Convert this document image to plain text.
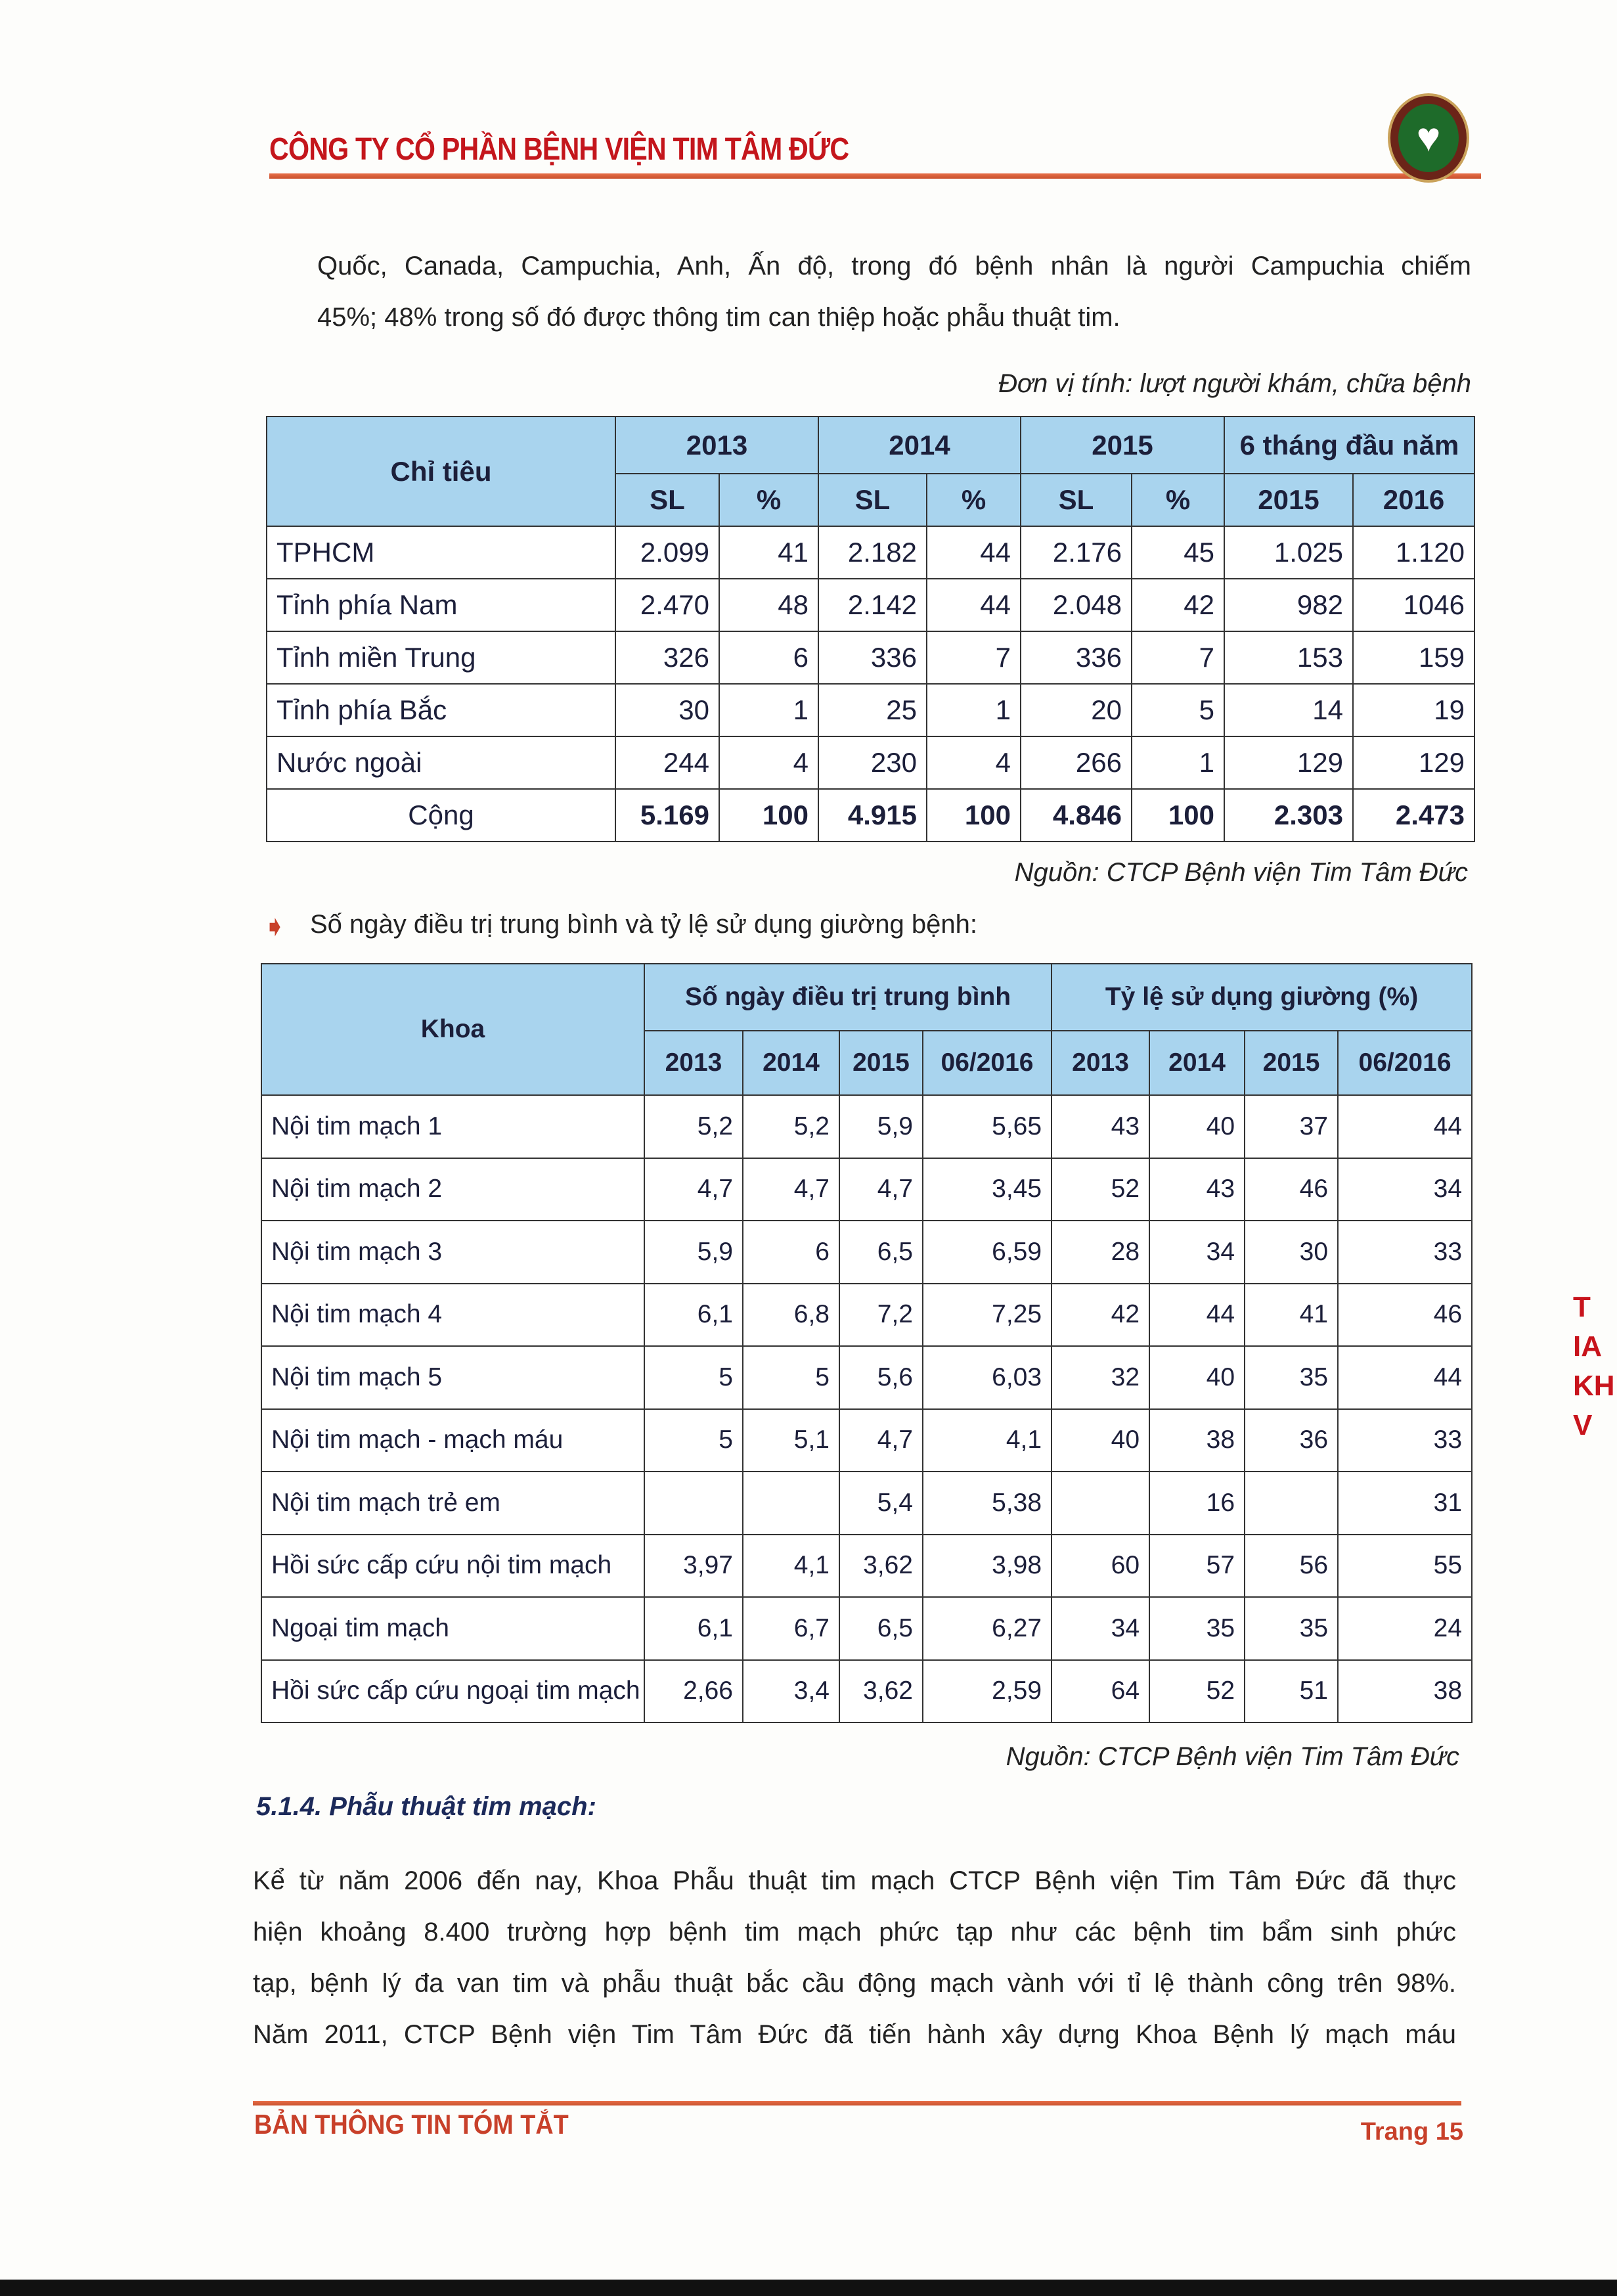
CÔNG TY CỔ PHẦN BỆNH VIỆN TIM TÂM ĐỨC	♥
Quốc, Canada, Campuchia, Anh, Ấn độ, trong đó bệnh nhân là người Campuchia chiếm
45%; 48% trong số đó được thông tim can thiệp hoặc phẫu thuật tim.
Đơn vị tính: lượt người khám, chữa bệnh
Chỉ tiêu	2013		2014		2015		6 tháng đầu năm	
	SL	%	SL	%	SL	%	2015	2016
TPHCM	2.099	41	2.182	44	2.176	45	1.025	1.120
Tỉnh phía Nam	2.470	48	2.142	44	2.048	42	982	1046
Tỉnh miền Trung	326	6	336	7	336	7	153	159
Tỉnh phía Bắc	30	1	25	1	20	5	14	19
Nước ngoài	244	4	230	4	266	1	129	129
Cộng	5.169	100	4.915	100	4.846	100	2.303	2.473
Nguồn: CTCP Bệnh viện Tim Tâm Đức
➧ Số ngày điều trị trung bình và tỷ lệ sử dụng giường bệnh:
Khoa	Số ngày điều trị trung bình				Tỷ lệ sử dụng giường (%)			
	2013	2014	2015	06/2016	2013	2014	2015	06/2016
Nội tim mạch 1	5,2	5,2	5,9	5,65	43	40	37	44
Nội tim mạch 2	4,7	4,7	4,7	3,45	52	43	46	34
Nội tim mạch 3	5,9	6	6,5	6,59	28	34	30	33
Nội tim mạch 4	6,1	6,8	7,2	7,25	42	44	41	46
Nội tim mạch 5	5	5	5,6	6,03	32	40	35	44
Nội tim mạch - mạch máu	5	5,1	4,7	4,1	40	38	36	33
Nội tim mạch trẻ em			5,4	5,38		16		31
Hồi sức cấp cứu nội tim mạch	3,97	4,1	3,62	3,98	60	57	56	55
Ngoại tim mạch	6,1	6,7	6,5	6,27	34	35	35	24
Hồi sức cấp cứu ngoại tim mạch	2,66	3,4	3,62	2,59	64	52	51	38
Nguồn: CTCP Bệnh viện Tim Tâm Đức
5.1.4. Phẫu thuật tim mạch:
Kể từ năm 2006 đến nay, Khoa Phẫu thuật tim mạch CTCP Bệnh viện Tim Tâm Đức đã thực
hiện khoảng 8.400 trường hợp bệnh tim mạch phức tạp như các bệnh tim bẩm sinh phức
tạp, bệnh lý đa van tim và phẫu thuật bắc cầu động mạch vành với tỉ lệ thành công trên 98%.
Năm 2011, CTCP Bệnh viện Tim Tâm Đức đã tiến hành xây dựng Khoa Bệnh lý mạch máu
T
IA
KH
V
BẢN THÔNG TIN TÓM TẮT	Trang 15
